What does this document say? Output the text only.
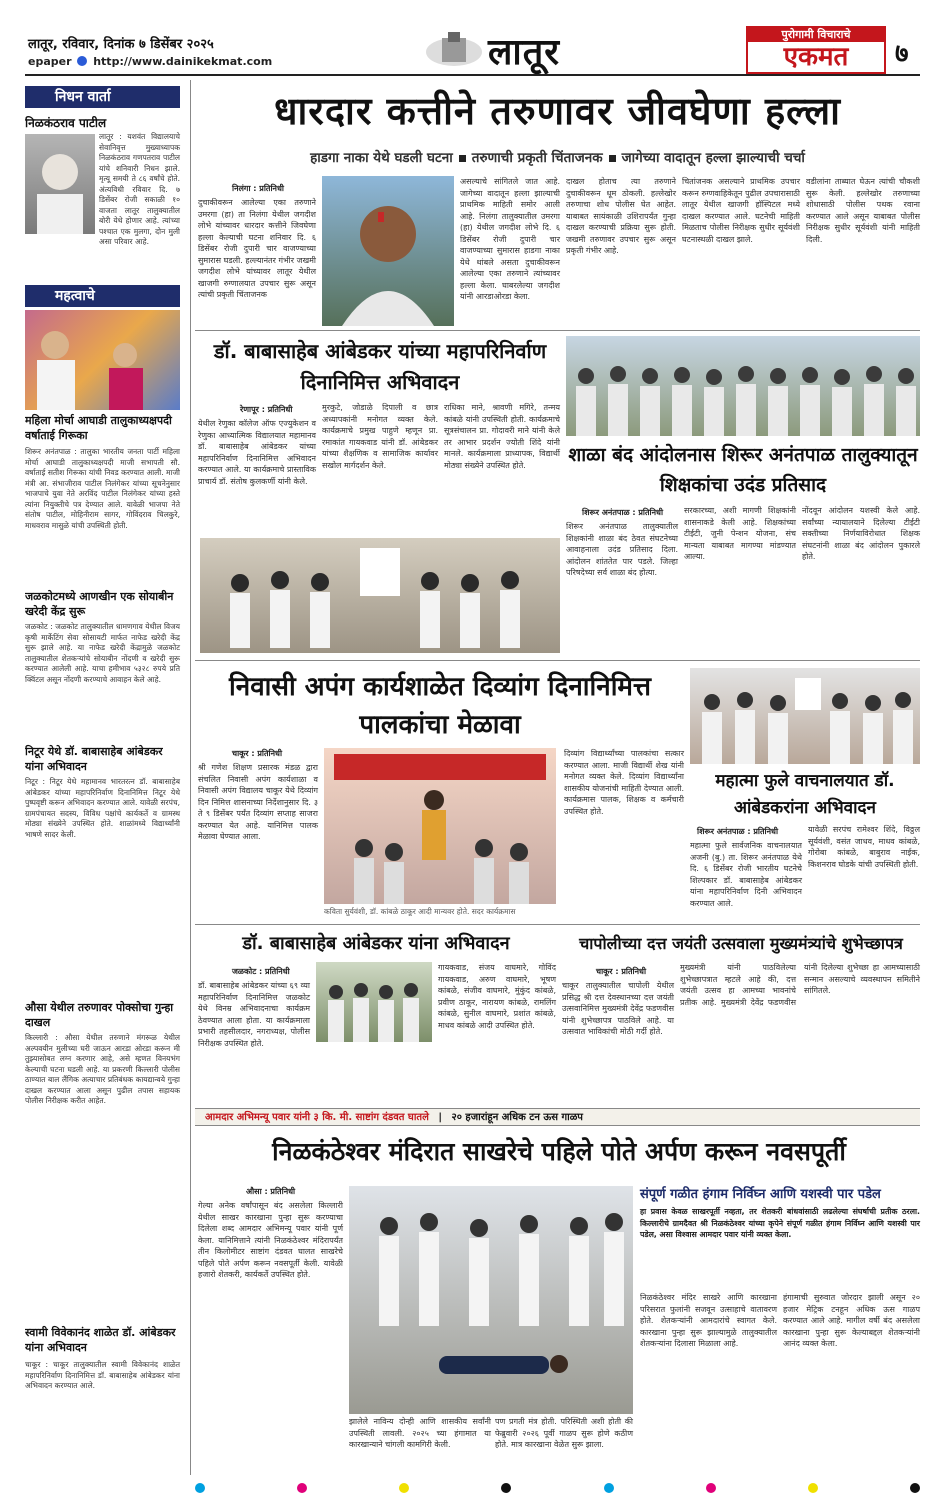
लातूर, रविवार, दिनांक ७ डिसेंबर २०२५
epaper http://www.dainikekmat.com	लातूर	पुरोगामी विचाराचे
एकमत	७
निधन वार्ता
निळकंठराव पाटील
लातूर : यशवंत विद्यालयाचे सेवानिवृत्त मुख्याध्यापक निळकंठराव गणपतराव पाटील यांचे शनिवारी निधन झाले. मृत्यू समयी ते ८६ वर्षांचे होते. अंत्यविधी रविवार दि. ७ डिसेंबर रोजी सकाळी १० वाजता लातूर तालुक्यातील बोरी येथे होणार आहे. त्यांच्या पश्चात एक मुलगा, दोन मुली असा परिवार आहे.
महत्वाचे
महिला मोर्चा आघाडी तालुकाध्यक्षपदी वर्षाताई गिरूका
शिरूर अनंतपाळ : तालुका भारतीय जनता पार्टी महिला मोर्चा आघाडी तालुकाध्यक्षपदी माजी सभापती सौ. वर्षाताई सतीश गिरूका यांची निवड करण्यात आली. माजी मंत्री आ. संभाजीराव पाटील निलंगेकर यांच्या सूचनेनुसार भाजपाचे युवा नेते अरविंद पाटील निलंगेकर यांच्या हस्ते त्यांना नियुक्तीचे पत्र देण्यात आले. यावेळी भाजपा नेते संतोष पाटील, मोहिनीराम सागर, गोविंदराव चिलकुरे, माधवराव मासुळे यांची उपस्थिती होती.
जळकोटमध्ये आणखीन एक सोयाबीन खरेदी केंद्र सुरू
जळकोट : जळकोट तालुक्यातील धामणगाव येथील विजय कृषी मार्केटिंग सेवा सोसायटी मार्फत नाफेड खरेदी केंद्र सुरू झाले आहे. या नाफेड खरेदी केंद्रामुळे जळकोट तालुक्यातील शेतकऱ्यांचे सोयाबीन नोंदणी व खरेदी सुरू करण्यात आलेली आहे. याचा हमीभाव ५३२८ रुपये प्रति क्विंटल असून नोंदणी करण्याचे आवाहन केले आहे.
निटूर येथे डॉ. बाबासाहेब आंबेडकर यांना अभिवादन
निटूर : निटूर येथे महामानव भारतरत्न डॉ. बाबासाहेब आंबेडकर यांच्या महापरिनिर्वाण दिनानिमित्त निटूर येथे पुष्पवृष्टी करून अभिवादन करण्यात आले. यावेळी सरपंच, ग्रामपंचायत सदस्य, विविध पक्षांचे कार्यकर्ते व ग्रामस्थ मोठ्या संख्येने उपस्थित होते. शाळांमध्ये विद्यार्थ्यांनी भाषणे सादर केली.
औसा येथील तरुणावर पोक्सोचा गुन्हा दाखल
किल्लारी : औसा येथील तरुणाने मंगरूळ येथील अल्पवयीन मुलीच्या घरी जाऊन आरडा ओरडा करून मी तुझ्यासोबत लग्न करणार आहे, असे म्हणत विनयभंग केल्याची घटना घडली आहे. या प्रकरणी किल्लारी पोलीस ठाण्यात बाल लैंगिक अत्याचार प्रतिबंधक कायद्यान्वये गुन्हा दाखल करण्यात आला असून पुढील तपास सहायक पोलीस निरीक्षक करीत आहेत.
स्वामी विवेकानंद शाळेत डॉ. आंबेडकर यांना अभिवादन
चाकूर : चाकूर तालुक्यातील स्वामी विवेकानंद शाळेत महापरिनिर्वाण दिनानिमित्त डॉ. बाबासाहेब आंबेडकर यांना अभिवादन करण्यात आले.
धारदार कत्तीने तरुणावर जीवघेणा हल्ला
हाडगा नाका येथे घडली घटना तरुणाची प्रकृती चिंताजनक जागेच्या वादातून हल्ला झाल्याची चर्चा
निलंगा : प्रतिनिधी
दुचाकीवरून आलेल्या एका तरुणाने उमरगा (हा) ता निलंगा येथील जगदीश लोभे यांच्यावर धारदार कत्तीने जिवघेणा हल्ला केल्याची घटना शनिवार दि. ६ डिसेंबर रोजी दुपारी चार वाजण्याच्या सुमारास घडली. हल्ल्यानंतर गंभीर जखमी जगदीश लोभे यांच्यावर लातूर येथील खाजगी रुग्णालयात उपचार सुरू असून त्यांची प्रकृती चिंताजनक
असल्याचे सांगितले जात आहे. जागेच्या वादातून हल्ला झाल्याची प्राथमिक माहिती समोर आली आहे. निलंगा तालुक्यातील उमरगा (हा) येथील जगदीश लोभे दि. ६ डिसेंबर रोजी दुपारी चार वाजण्याच्या सुमारास हाडगा नाका येथे थांबले असता दुचाकीवरून आलेल्या एका तरुणाने त्यांच्यावर हल्ला केला. घाबरलेल्या जगदीश यांनी आरडाओरडा केला.
दाखल होताच त्या तरुणाने दुचाकीवरून धूम ठोकली. हल्लेखोर तरुणाचा शोध पोलीस घेत आहेत. याबाबत सायंकाळी उशिरापर्यंत गुन्हा दाखल करण्याची प्रक्रिया सुरू होती. जखमी तरुणावर उपचार सुरू असून प्रकृती गंभीर आहे.
चितांजनक असल्याने प्राथमिक उपचार करून रुग्णवाहिकेतून पुढील उपचारासाठी लातूर येथील खाजगी हॉस्पिटल मध्ये दाखल करण्यात आले. घटनेची माहिती मिळताच पोलीस निरीक्षक सुधीर सूर्यवंशी घटनास्थळी दाखल झाले.
वडीलांना ताब्यात घेऊन त्यांची चौकशी सुरू केली. हल्लेखोर तरुणाच्या शोधासाठी पोलीस पथक रवाना करण्यात आले असून याबाबत पोलीस निरीक्षक सुधीर सूर्यवंशी यांनी माहिती दिली.
डॉ. बाबासाहेब आंबेडकर यांच्या महापरिनिर्वाण दिनानिमित्त अभिवादन
रेणापूर : प्रतिनिधी
येथील रेणुका कॉलेज ऑफ एज्युकेशन व रेणुका आध्यात्मिक विद्यालयात महामानव डॉ. बाबासाहेब आंबेडकर यांच्या महापरिनिर्वाण दिनानिमित्त अभिवादन करण्यात आले. या कार्यक्रमाचे प्रास्ताविक प्राचार्य डॉ. संतोष कुलकर्णी यांनी केले.
मुरकुटे, जोडाळे दिपाली व छात्र अध्यापकांनी मनोगत व्यक्त केले. कार्यक्रमाचे प्रमुख पाहुणे म्हणून प्रा. रमाकांत गायकवाड यांनी डॉ. आंबेडकर यांच्या शैक्षणिक व सामाजिक कार्यावर सखोल मार्गदर्शन केले.
राधिका माने, श्रावणी मगिरे, तन्मय कांबळे यांनी उपस्थिती होती. कार्यक्रमाचे सूत्रसंचालन प्रा. गोदावरी माने यांनी केले तर आभार प्रदर्शन ज्योती शिंदे यांनी मानले. कार्यक्रमाला प्राध्यापक, विद्यार्थी मोठ्या संख्येने उपस्थित होते.	शाळा बंद आंदोलनास शिरूर अनंतपाळ तालुक्यातून शिक्षकांचा उदंड प्रतिसाद
शिरूर अनंतपाळ : प्रतिनिधी
शिरूर अनंतपाळ तालुक्यातील शिक्षकांनी शाळा बंद ठेवत संघटनेच्या आवाहनाला उदंड प्रतिसाद दिला. आंदोलन शांततेत पार पडले. जिल्हा परिषदेच्या सर्व शाळा बंद होत्या.
सरकारच्या, अशी मागणी शिक्षकांनी शासनाकडे केली आहे. शिक्षकांच्या टीईटी, जुनी पेन्शन योजना, संच मान्यता याबाबत मागण्या मांडण्यात आल्या.
नोंदवून आंदोलन यशस्वी केले आहे. सर्वांच्या न्यायालयाने दिलेल्या टीईटी सक्तीच्या निर्णयाविरोधात शिक्षक संघटनांनी शाळा बंद आंदोलन पुकारले होते.
निवासी अपंग कार्यशाळेत दिव्यांग दिनानिमित्त पालकांचा मेळावा
चाकूर : प्रतिनिधी
श्री गणेश शिक्षण प्रसारक मंडळ द्वारा संचलित निवासी अपंग कार्यशाळा व निवासी अपंग विद्यालय चाकूर येथे दिव्यांग दिन निमित्त शासनाच्या निर्देशानुसार दि. ३ ते ९ डिसेंबर पर्यंत दिव्यांग सप्ताह साजरा करण्यात येत आहे. यानिमित्त पालक मेळावा घेण्यात आला.
कविता सुर्यवंशी, डॉ. कांबळे ठाकूर आदी मान्यवर होते. सदर कार्यक्रमास
दिव्यांग विद्यार्थ्यांच्या पालकांचा सत्कार करण्यात आला. माजी विद्यार्थी शेख यांनी मनोगत व्यक्त केले. दिव्यांग विद्यार्थ्यांना शासकीय योजनांची माहिती देण्यात आली. कार्यक्रमास पालक, शिक्षक व कर्मचारी उपस्थित होते.
महात्मा फुले वाचनालयात डॉ. आंबेडकरांना अभिवादन
शिरूर अनंतपाळ : प्रतिनिधी
महात्मा फुले सार्वजनिक वाचनालयात अजनी (बु.) ता. शिरूर अनंतपाळ येथे दि. ६ डिसेंबर रोजी भारतीय घटनेचे शिल्पकार डॉ. बाबासाहेब आंबेडकर यांना महापरिनिर्वाण दिनी अभिवादन करण्यात आले.
यावेळी सरपंच रामेश्वर शिंदे, विठ्ठल सूर्यवंशी, वसंत जाधव, माधव कांबळे, गोरोबा कांबळे, बाबुराव नाईक, किशनराव घोडके यांची उपस्थिती होती.
डॉ. बाबासाहेब आंबेडकर यांना अभिवादन
जळकोट : प्रतिनिधी
डॉ. बाबासाहेब आंबेडकर यांच्या ६९ व्या महापरिनिर्वाण दिनानिमित्त जळकोट येथे विनम्र अभिवादनाचा कार्यक्रम ठेवण्यात आला होता. या कार्यक्रमाला प्रभारी तहसीलदार, नगराध्यक्ष, पोलीस निरीक्षक उपस्थित होते.
गायकवाड, संजय वाघमारे, गोविंद गायकवाड, अरुण वाघमारे, भूषण कांबळे, संजीव वाघमारे, मुंकुंद कांबळे, प्रवीण ठाकूर, नारायण कांबळे, रामलिंग कांबळे, सुनील वाघमारे, प्रशांत कांबळे, माधव कांबळे आदी उपस्थित होते.
चापोलीच्या दत्त जयंती उत्सवाला मुख्यमंत्र्यांचे शुभेच्छापत्र
चाकूर : प्रतिनिधी
चाकूर तालुक्यातील चापोली येथील प्रसिद्ध श्री दत्त देवस्थानच्या दत्त जयंती उत्सवानिमित्त मुख्यमंत्री देवेंद्र फडणवीस यांनी शुभेच्छापत्र पाठविले आहे. या उत्सवात भाविकांची मोठी गर्दी होते.
मुख्यमंत्री यांनी पाठविलेल्या शुभेच्छापत्रात म्हटले आहे की, दत्त जयंती उत्सव हा आमच्या भावनांचे प्रतीक आहे. मुख्यमंत्री देवेंद्र फडणवीस यांनी दिलेल्या शुभेच्छा हा आमच्यासाठी सन्मान असल्याचे व्यवस्थापन समितीने सांगितले.
आमदार अभिमन्यू पवार यांनी ३ कि. मी. साष्टांग दंडवत घातले | २० हजारांहून अधिक टन ऊस गाळप
निळकंठेश्वर मंदिरात साखरेचे पहिले पोते अर्पण करून नवसपूर्ती
औसा : प्रतिनिधी
गेल्या अनेक वर्षांपासून बंद असलेला किल्लारी येथील साखर कारखाना पुन्हा सुरू करण्याचा दिलेला शब्द आमदार अभिमन्यू पवार यांनी पूर्ण केला. यानिमित्ताने त्यांनी निळकंठेश्वर मंदिरापर्यंत तीन किलोमीटर साष्टांग दंडवत घालत साखरेचे पहिले पोते अर्पण करून नवसपूर्ती केली. यावेळी हजारो शेतकरी, कार्यकर्ते उपस्थित होते.
झालेले नाविन्य दोन्ही आणि शासकीय सर्वांनी उपस्थिती लावली. २०२५ च्या हंगामात या कारखान्याने चांगली कामगिरी केली.
पण प्रगती मंत्र होती. परिस्थिती अशी होती की फेब्रुवारी २०२६ पूर्वी गाळप सुरू होणे कठीण होते. मात्र कारखाना वेळेत सुरू झाला.
संपूर्ण गळीत हंगाम निर्विघ्न आणि यशस्वी पार पडेल
हा प्रवास केवळ साखरपूर्ती नव्हता, तर शेतकरी बांधवांसाठी लढलेल्या संघर्षाची प्रतीक ठरला. किल्लारीचे ग्रामदैवत श्री निळकंठेश्वर यांच्या कृपेने संपूर्ण गळीत हंगाम निर्विघ्न आणि यशस्वी पार पडेल, असा विश्वास आमदार पवार यांनी व्यक्त केला.
निळकंठेश्वर मंदिर साखरे आणि कारखाना परिसरात फुलांनी सजवून उत्साहाचे वातावरण होते. शेतकऱ्यांनी आमदारांचे स्वागत केले. कारखाना पुन्हा सुरू झाल्यामुळे तालुक्यातील शेतकऱ्यांना दिलासा मिळाला आहे.
हंगामाची सुरुवात जोरदार झाली असून २० हजार मेट्रिक टनहून अधिक ऊस गाळप करण्यात आले आहे. मागील वर्षी बंद असलेला कारखाना पुन्हा सुरू केल्याबद्दल शेतकऱ्यांनी आनंद व्यक्त केला.
